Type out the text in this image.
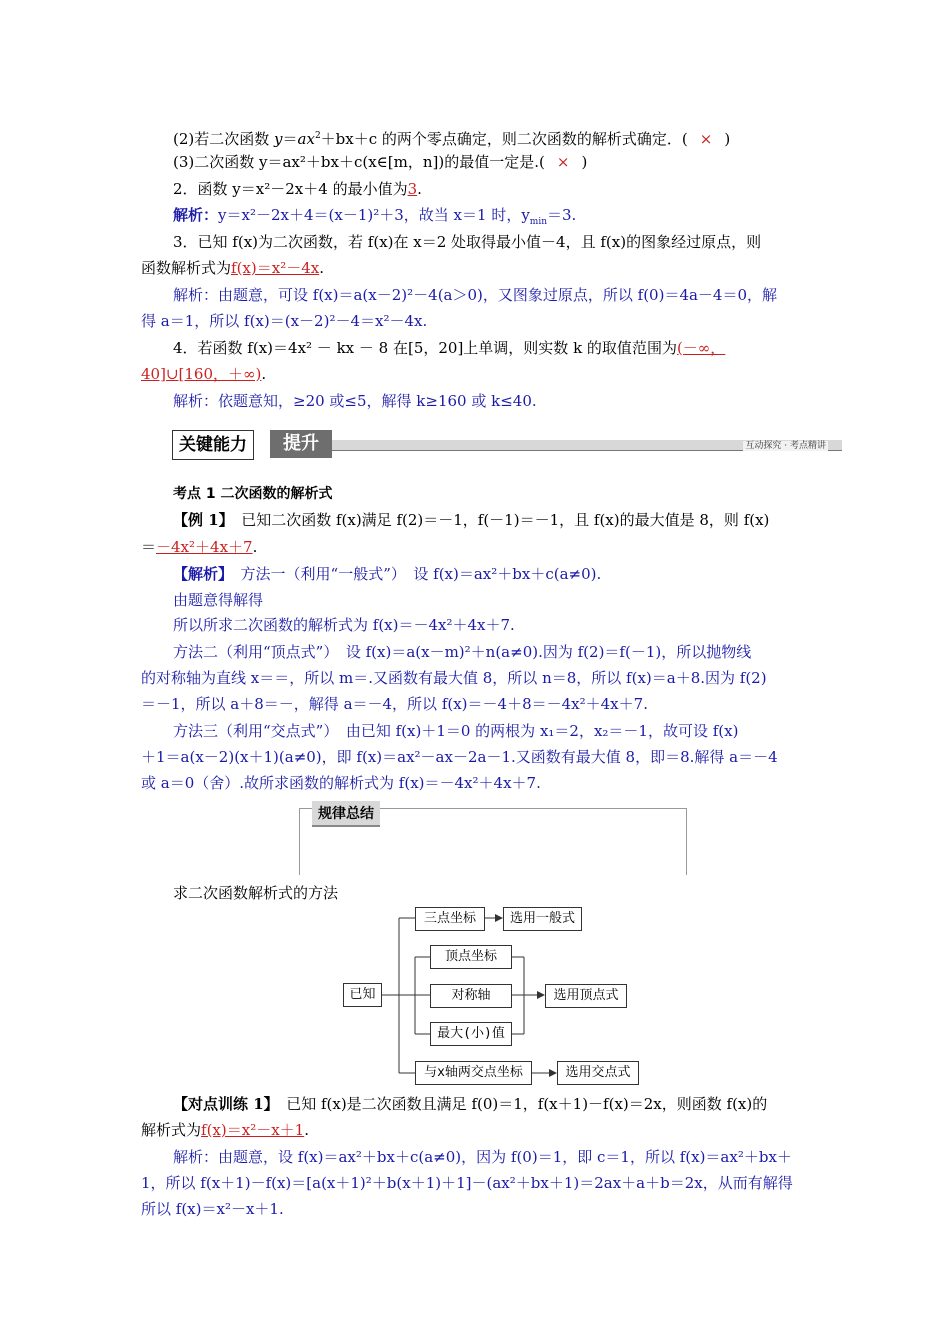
(2)若二次函数 $y=ax^2+bx+c$ 的两个零点确定，则二次函数的解析式确定．( × )
(3)二次函数 y＝ax²＋bx＋c(x∈[m，n])的最值一定是.( × )
2．函数 y＝x²－2x＋4 的最小值为3.
解析：y＝x²－2x＋4＝(x－1)²＋3，故当 x＝1 时，$y_{min}=3$.
3．已知 f(x)为二次函数，若 f(x)在 x＝2 处取得最小值－4，且 f(x)的图象经过原点，则
函数解析式为f(x)＝x²－4x.
解析：由题意，可设 f(x)＝a(x－2)²－4(a＞0)，又图象过原点，所以 f(0)＝4a－4＝0，解
得 a＝1，所以 f(x)＝(x－2)²－4＝x²－4x.
4．若函数 f(x)＝4x² － kx － 8 在[5，20]上单调，则实数 k 的取值范围为(－∞，
40]∪[160，＋∞).
解析：依题意知，≥20 或≤5，解得 k≥160 或 k≤40.
关键能力	提升	互动探究 · 考点精讲
考点 1 二次函数的解析式
【例 1】　 已知二次函数 f(x)满足 f(2)＝－1，f(－1)＝－1，且 f(x)的最大值是 8，则 f(x)
＝－4x²＋4x＋7.
【解析】　 方法一（利用“一般式”）　设 f(x)＝ax²＋bx＋c(a≠0).
由题意得解得
所以所求二次函数的解析式为 f(x)＝－4x²＋4x＋7.
方法二（利用“顶点式”）　设 f(x)＝a(x－m)²＋n(a≠0).因为 f(2)＝f(－1)，所以抛物线
的对称轴为直线 x＝＝，所以 m＝.又函数有最大值 8，所以 n＝8，所以 f(x)＝a＋8.因为 f(2)
＝－1，所以 a＋8＝－，解得 a＝－4，所以 f(x)＝－4＋8＝－4x²＋4x＋7.
方法三（利用“交点式”）　由已知 f(x)＋1＝0 的两根为 x₁＝2，x₂＝－1，故可设 f(x)
＋1＝a(x－2)(x＋1)(a≠0)，即 f(x)＝ax²－ax－2a－1.又函数有最大值 8，即＝8.解得 a＝－4
或 a＝0（舍）.故所求函数的解析式为 f(x)＝－4x²＋4x＋7.
规律总结
求二次函数解析式的方法
已知
三点坐标	选用一般式
顶点坐标
对称轴
最大(小)值
选用顶点式
与x轴两交点坐标	选用交点式
【对点训练 1】　 已知 f(x)是二次函数且满足 f(0)＝1，f(x＋1)－f(x)＝2x，则函数 f(x)的
解析式为f(x)＝x²－x＋1.
解析：由题意，设 f(x)＝ax²＋bx＋c(a≠0)，因为 f(0)＝1，即 c＝1，所以 f(x)＝ax²＋bx＋
1，所以 f(x＋1)－f(x)＝[a(x＋1)²＋b(x＋1)＋1]－(ax²＋bx＋1)＝2ax＋a＋b＝2x，从而有解得
所以 f(x)＝x²－x＋1.
